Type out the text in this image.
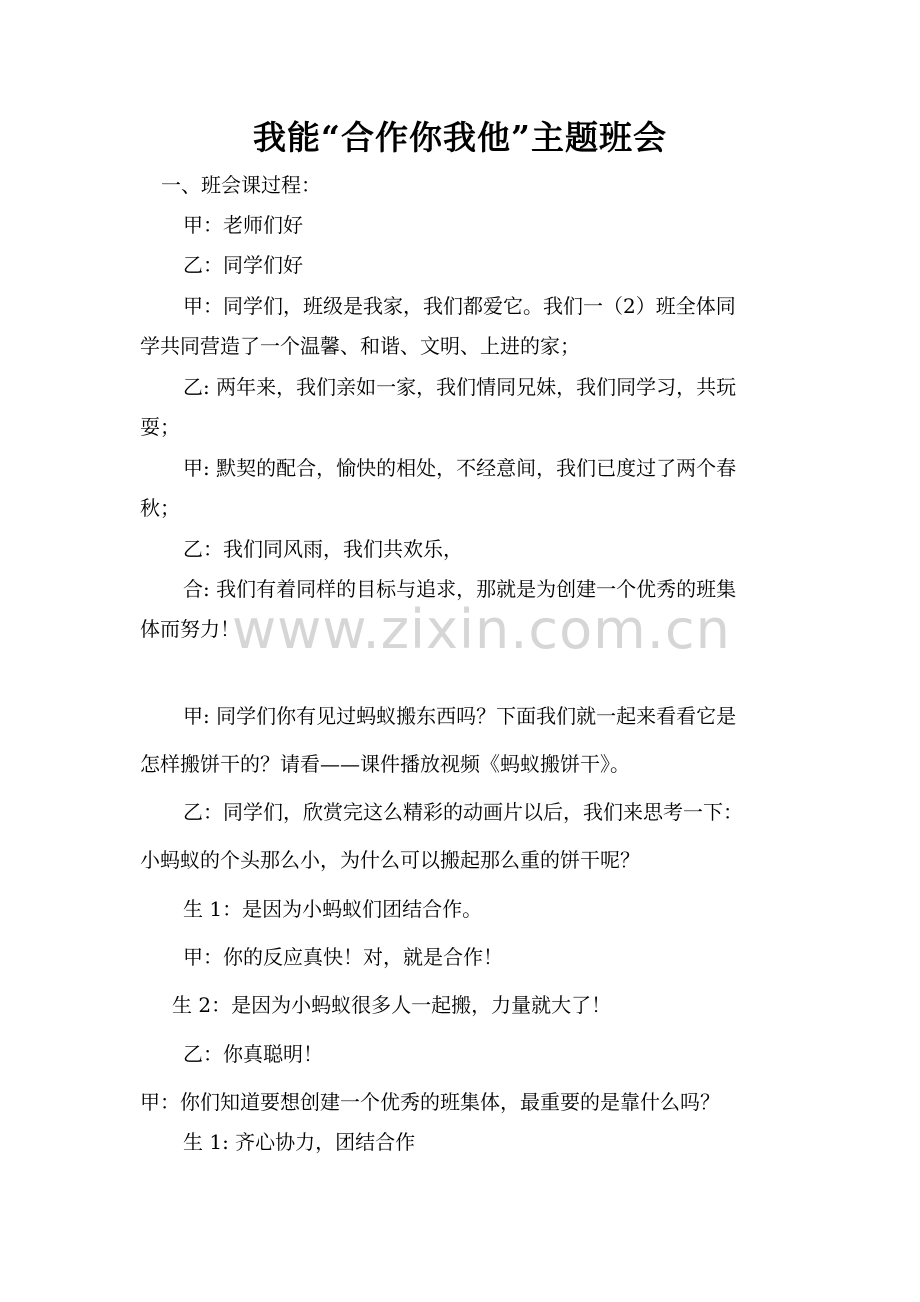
我能“合作你我他”主题班会
一、班会课过程：
甲：老师们好
乙：同学们好
甲：同学们，班级是我家，我们都爱它。我们一（2）班全体同
学共同营造了一个温馨、和谐、文明、上进的家；
乙: 两年来，我们亲如一家，我们情同兄妹，我们同学习，共玩
耍；
甲: 默契的配合，愉快的相处，不经意间，我们已度过了两个春
秋；
乙：我们同风雨，我们共欢乐，
合: 我们有着同样的目标与追求，那就是为创建一个优秀的班集
体而努力！
甲: 同学们你有见过蚂蚁搬东西吗？下面我们就一起来看看它是
怎样搬饼干的？请看——课件播放视频《蚂蚁搬饼干》。
乙：同学们，欣赏完这么精彩的动画片以后，我们来思考一下：
小蚂蚁的个头那么小，为什么可以搬起那么重的饼干呢？
生 1：是因为小蚂蚁们团结合作。
甲：你的反应真快！对，就是合作！
生 2：是因为小蚂蚁很多人一起搬，力量就大了！
乙：你真聪明！
甲：你们知道要想创建一个优秀的班集体，最重要的是靠什么吗？
生 1: 齐心协力，团结合作
www.zixin.com.cn
